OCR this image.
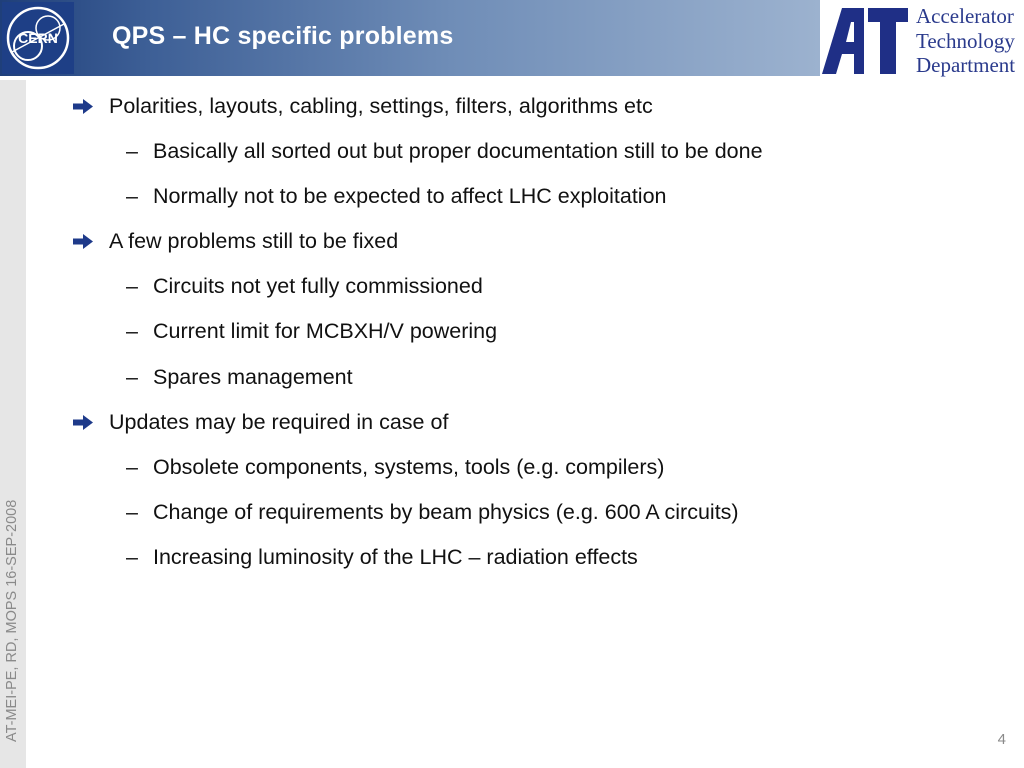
CERN QPS – HC specific problems
Accelerator
Technology
Department
AT-MEI-PE, RD, MOPS 16-SEP-2008
Polarities, layouts, cabling, settings, filters, algorithms etc
– Basically all sorted out but proper documentation still to be done
– Normally not to be expected to affect LHC exploitation
A few problems still to be fixed
– Circuits not yet fully commissioned
– Current limit for MCBXH/V powering
– Spares management
Updates may be required in case of
– Obsolete components, systems, tools (e.g. compilers)
– Change of requirements by beam physics (e.g. 600 A circuits)
– Increasing luminosity of the LHC – radiation effects
4
